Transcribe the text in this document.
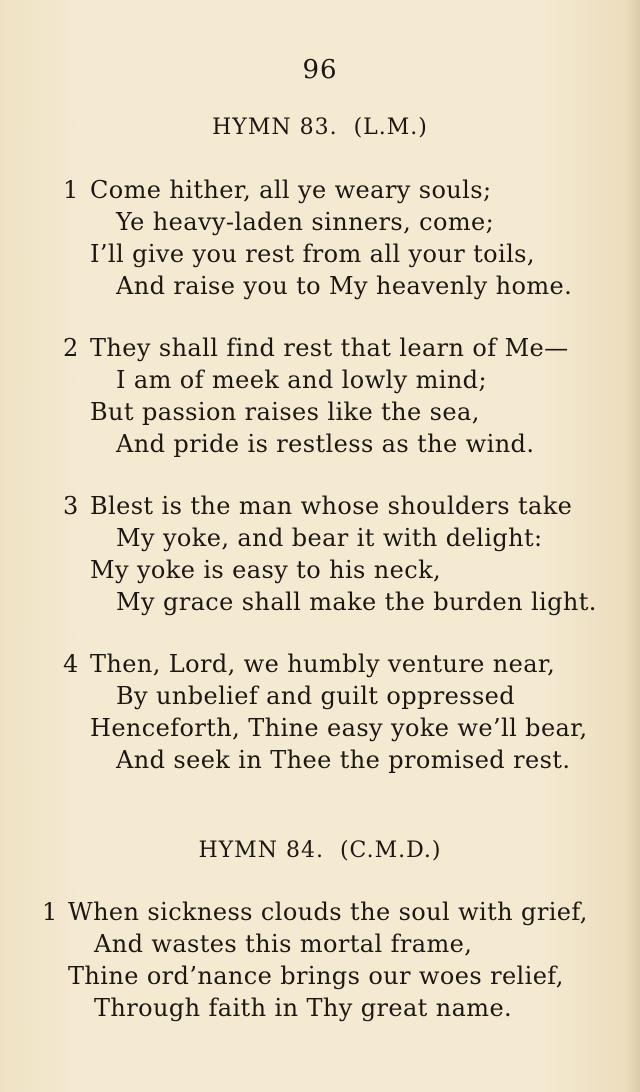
96
HYMN 83. (L.M.)
1 Come hither, all ye weary souls;
Ye heavy-laden sinners, come;
I’ll give you rest from all your toils,
And raise you to My heavenly home.
2 They shall find rest that learn of Me—
I am of meek and lowly mind;
But passion raises like the sea,
And pride is restless as the wind.
3 Blest is the man whose shoulders take
My yoke, and bear it with delight:
My yoke is easy to his neck,
My grace shall make the burden light.
4 Then, Lord, we humbly venture near,
By unbelief and guilt oppressed
Henceforth, Thine easy yoke we’ll bear,
And seek in Thee the promised rest.
HYMN 84. (C.M.D.)
1 When sickness clouds the soul with grief,
And wastes this mortal frame,
Thine ord’nance brings our woes relief,
Through faith in Thy great name.
